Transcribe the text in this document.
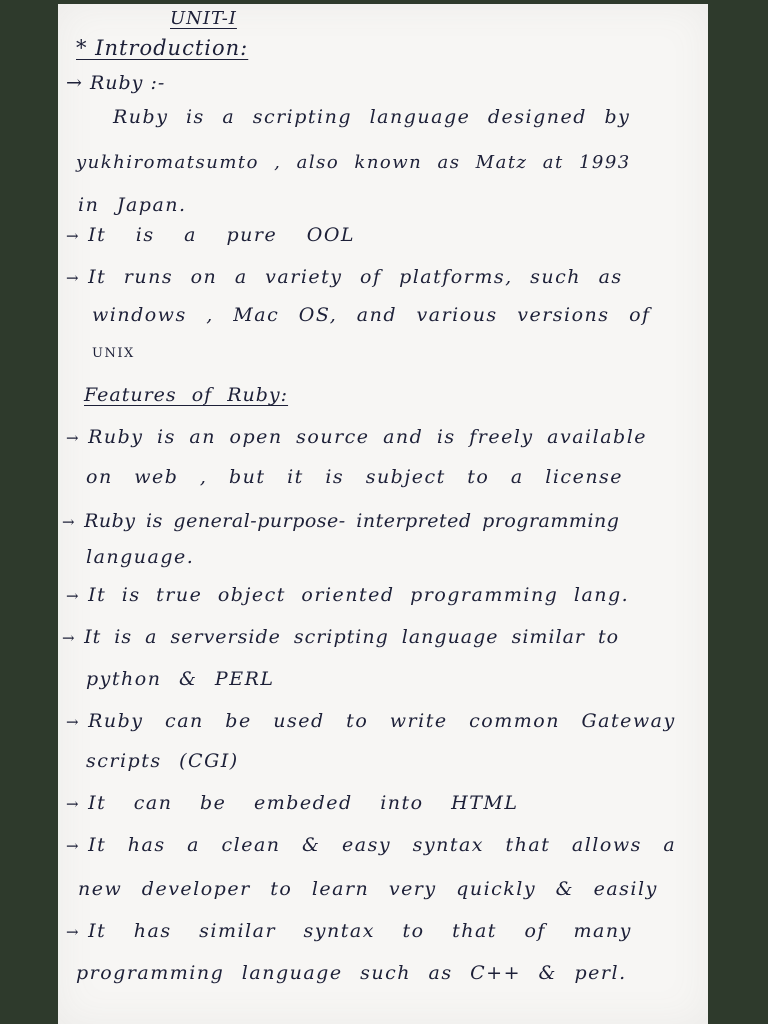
UNIT-I
* Introduction:
→ Ruby :-
Ruby is a scripting language designed by
yukhiromatsumto , also known as Matz at 1993
in Japan.
→ It is a pure OOL
→ It runs on a variety of platforms, such as
windows , Mac OS, and various versions of
UNIX
Features of Ruby:
→ Ruby is an open source and is freely available
on web , but it is subject to a license
→ Ruby is general-purpose- interpreted programming
language.
→ It is true object oriented programming lang.
→ It is a serverside scripting language similar to
python & PERL
→ Ruby can be used to write common Gateway
scripts (CGI)
→ It can be embeded into HTML
→ It has a clean & easy syntax that allows a
new developer to learn very quickly & easily
→ It has similar syntax to that of many
programming language such as C++ & perl.
